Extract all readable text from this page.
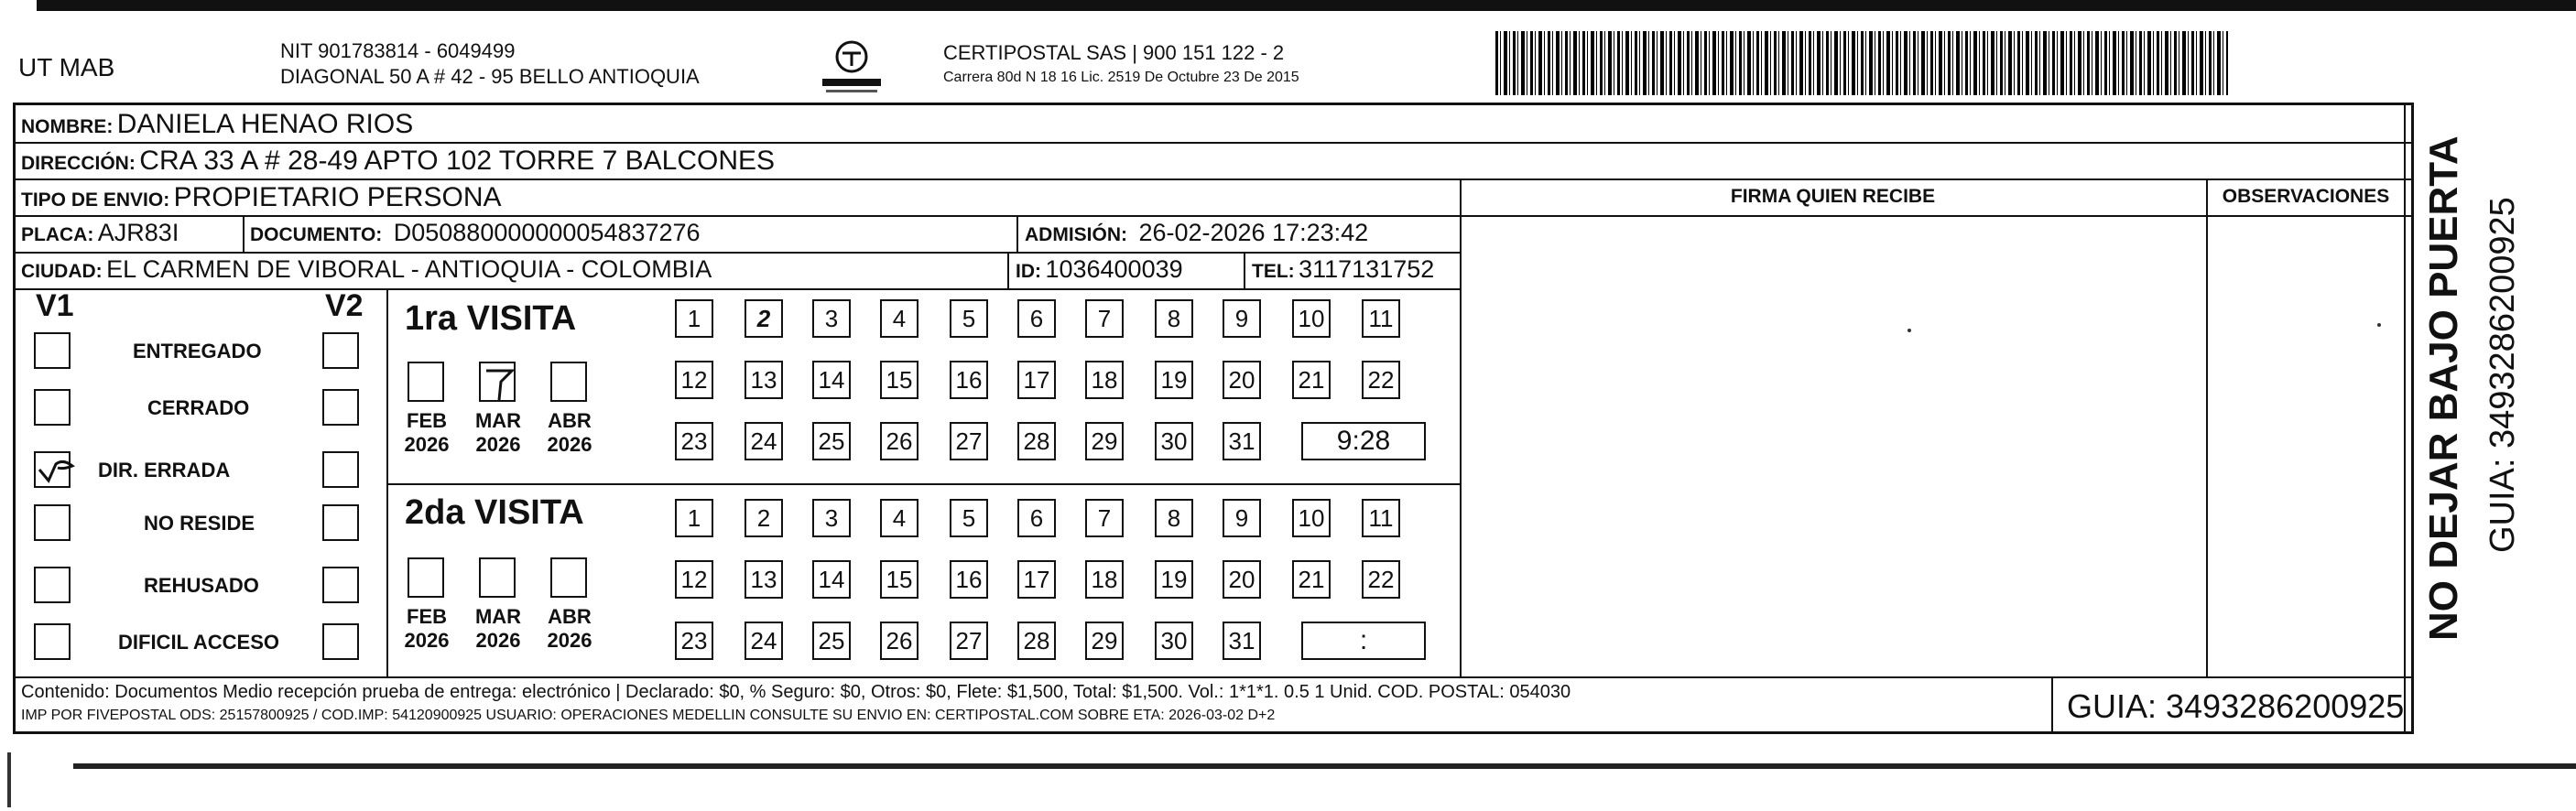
UT MAB
NIT 901783814 - 6049499
DIAGONAL 50 A # 42 - 95 BELLO ANTIOQUIA
CERTIPOSTAL SAS | 900 151 122 - 2
Carrera 80d N 18 16 Lic. 2519 De Octubre 23 De 2015
NOMBRE: DANIELA HENAO RIOS
DIRECCIÓN: CRA 33 A # 28-49 APTO 102 TORRE 7 BALCONES
TIPO DE ENVIO: PROPIETARIO PERSONA	FIRMA QUIEN RECIBE	OBSERVACIONES
PLACA: AJR83I	DOCUMENTO: D050880000000054837276	ADMISIÓN: 26-02-2026 17:23:42
CIUDAD: EL CARMEN DE VIBORAL - ANTIOQUIA - COLOMBIA	ID: 1036400039	TEL: 3117131752
V1	V2
ENTREGADO
CERRADO
DIR. ERRADA
NO RESIDE
REHUSADO
DIFICIL ACCESO
1ra VISITA
FEB
2026
MAR
2026
ABR
2026
1	2	3	4	5	6	7	8	9	10 11
12 13 14 15 16 17 18 19 20 21 22
23 24 25 26 27 28 29 30 31	9:28
2da VISITA
FEB
2026
MAR
2026
ABR
2026
1	2	3	4	5	6	7	8	9	10 11
12 13 14 15 16 17 18 19 20 21 22
23 24 25 26 27 28 29 30 31	:
Contenido: Documentos Medio recepción prueba de entrega: electrónico | Declarado: $0, % Seguro: $0, Otros: $0, Flete: $1,500, Total: $1,500. Vol.: 1*1*1. 0.5 1 Unid. COD. POSTAL: 054030
IMP POR FIVEPOSTAL ODS: 25157800925 / COD.IMP: 54120900925 USUARIO: OPERACIONES MEDELLIN CONSULTE SU ENVIO EN: CERTIPOSTAL.COM SOBRE ETA: 2026-03-02 D+2	GUIA: 3493286200925
NO DEJAR BAJO PUERTA GUIA: 3493286200925
